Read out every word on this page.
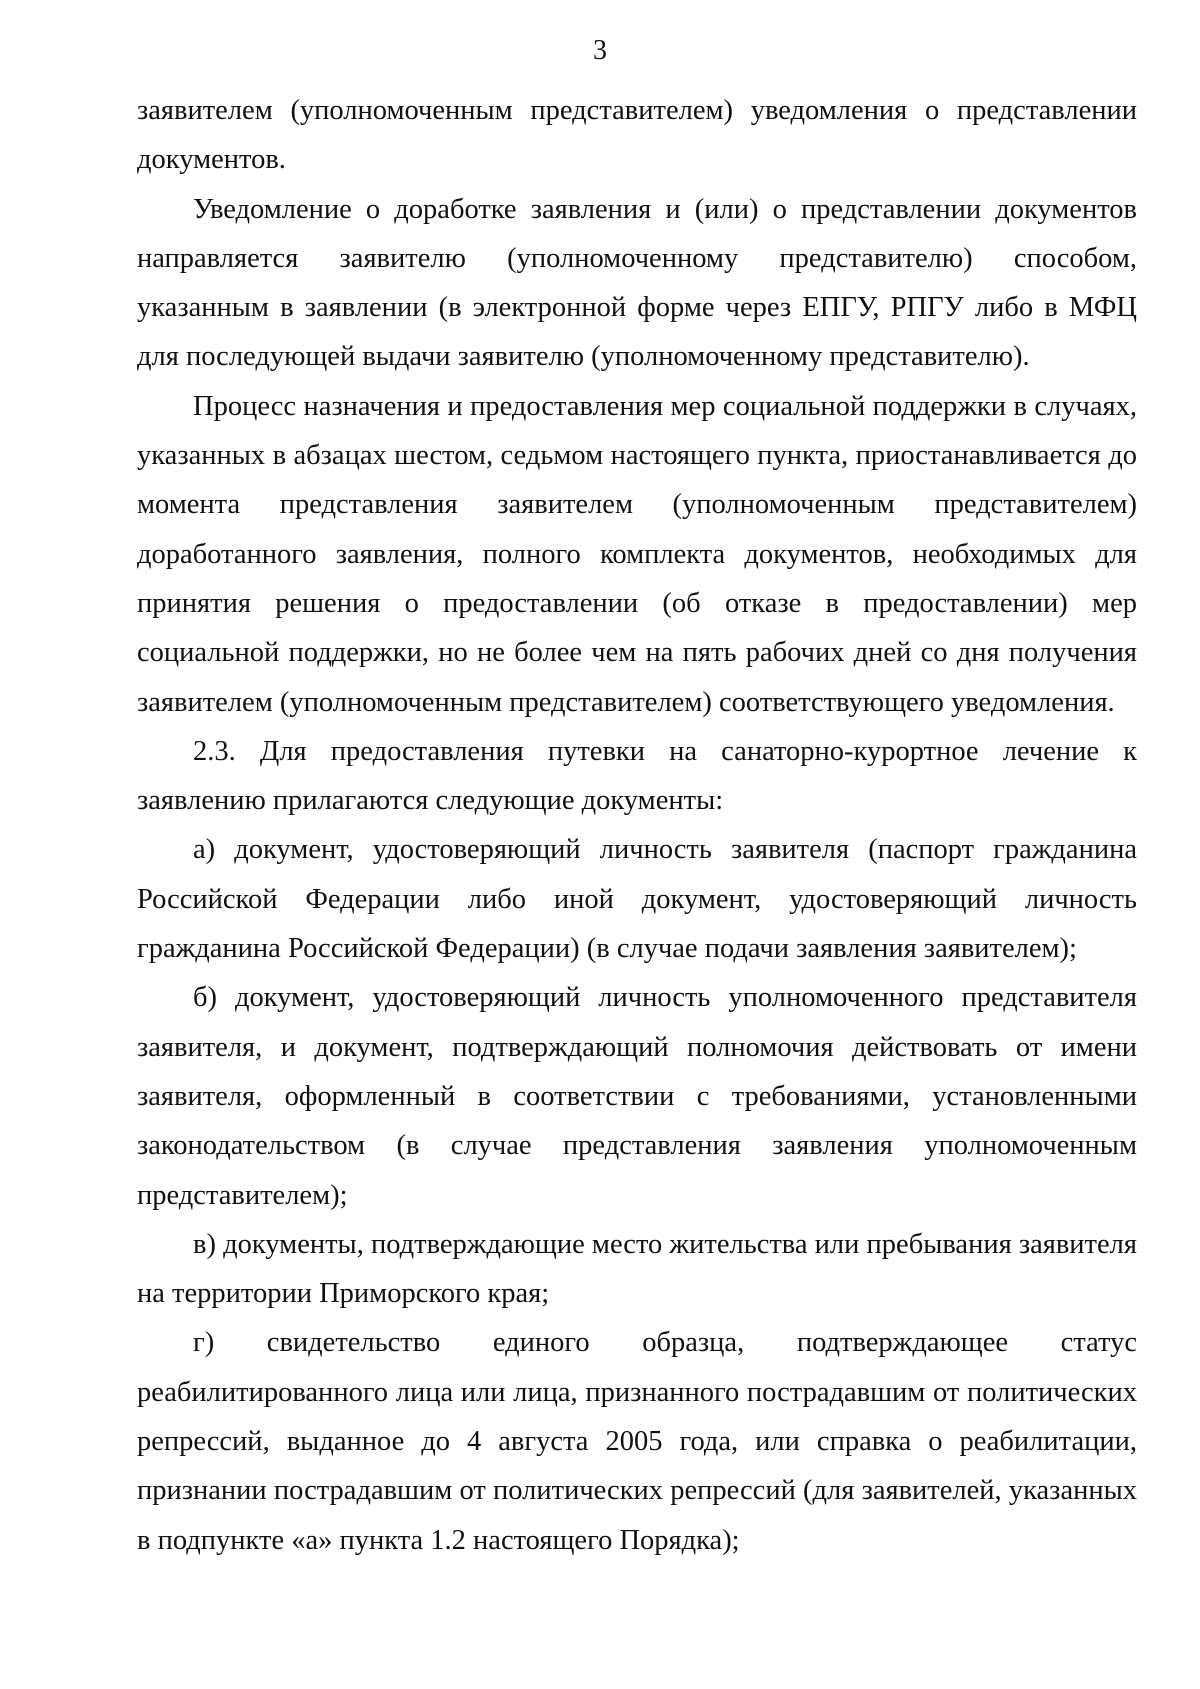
3

заявителем (уполномоченным представителем) уведомления о представлении документов.

Уведомление о доработке заявления и (или) о представлении документов направляется заявителю (уполномоченному представителю) способом, указанным в заявлении (в электронной форме через ЕПГУ, РПГУ либо в МФЦ для последующей выдачи заявителю (уполномоченному представителю).

Процесс назначения и предоставления мер социальной поддержки в случаях, указанных в абзацах шестом, седьмом настоящего пункта, приостанавливается до момента представления заявителем (уполномоченным представителем) доработанного заявления, полного комплекта документов, необходимых для принятия решения о предоставлении (об отказе в предоставлении) мер социальной поддержки, но не более чем на пять рабочих дней со дня получения заявителем (уполномоченным представителем) соответствующего уведомления.

2.3. Для предоставления путевки на санаторно-курортное лечение к заявлению прилагаются следующие документы:

а) документ, удостоверяющий личность заявителя (паспорт гражданина Российской Федерации либо иной документ, удостоверяющий личность гражданина Российской Федерации) (в случае подачи заявления заявителем);

б) документ, удостоверяющий личность уполномоченного представителя заявителя, и документ, подтверждающий полномочия действовать от имени заявителя, оформленный в соответствии с требованиями, установленными законодательством (в случае представления заявления уполномоченным представителем);

в) документы, подтверждающие место жительства или пребывания заявителя на территории Приморского края;

г) свидетельство единого образца, подтверждающее статус реабилитированного лица или лица, признанного пострадавшим от политических репрессий, выданное до 4 августа 2005 года, или справка о реабилитации, признании пострадавшим от политических репрессий (для заявителей, указанных в подпункте «а» пункта 1.2 настоящего Порядка);
